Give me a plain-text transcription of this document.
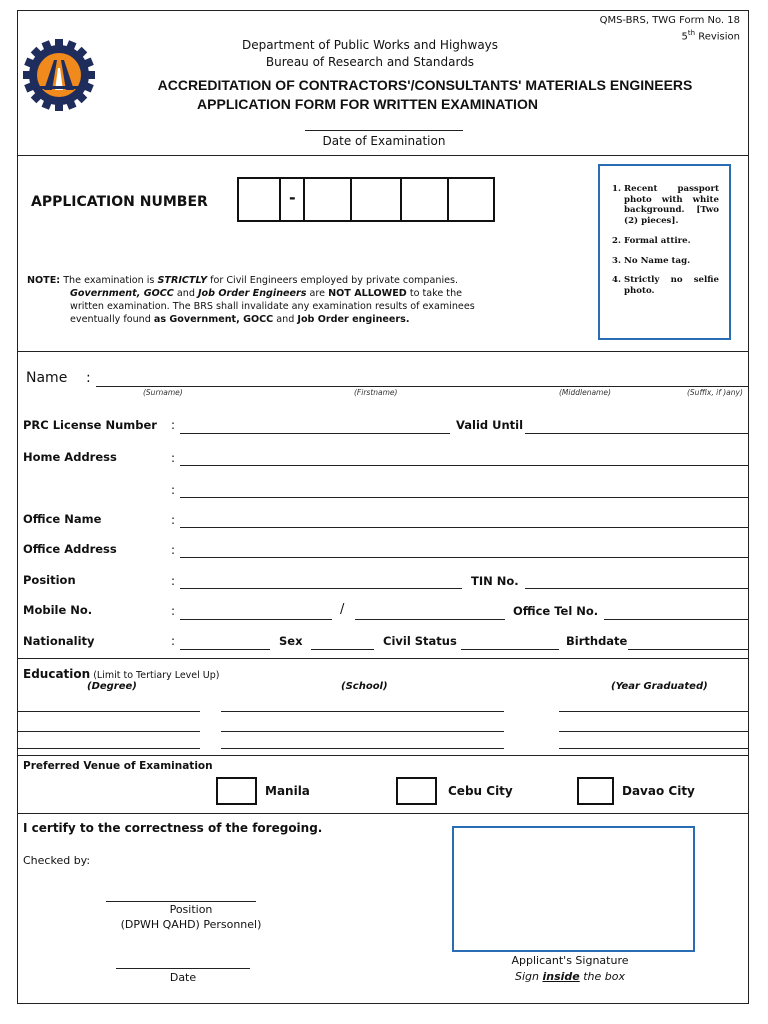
QMS-BRS, TWG Form No. 18
5th Revision
Department of Public Works and Highways
Bureau of Research and Standards
ACCREDITATION OF CONTRACTORS'/CONSULTANTS' MATERIALS ENGINEERS
APPLICATION FORM FOR WRITTEN EXAMINATION
Date of Examination
APPLICATION NUMBER	-
NOTE: The examination is STRICTLY for Civil Engineers employed by private companies.
Government, GOCC and Job Order Engineers are NOT ALLOWED to take the written examination. The BRS shall invalidate any examination results of examinees eventually found as Government, GOCC and Job Order engineers.
1. Recent passport photo with white background. [Two (2) pieces].
2. Formal attire.
3. No Name tag.
4. Strictly no selfie photo.
Name :
(Surname)	(Firstname)	(Middlename)	(Suffix, if )any)
PRC License Number :	Valid Until
Home Address	:
:
Office Name	:
Office Address	:
Position	:	TIN No.
Mobile No.	:	/	Office Tel No.
Nationality	:	Sex	Civil Status	Birthdate
Education (Limit to Tertiary Level Up)
(Degree)	(School)	(Year Graduated)
Preferred Venue of Examination
Manila	Cebu City	Davao City
I certify to the correctness of the foregoing.
Checked by:
Position
(DPWH QAHD) Personnel)
Date
Applicant's Signature
Sign inside the box
